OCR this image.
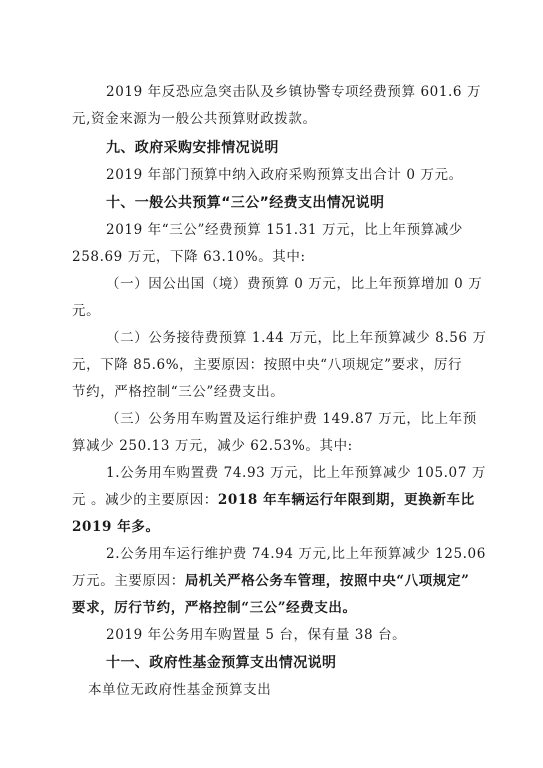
2019 年反恐应急突击队及乡镇协警专项经费预算 601.6 万
元,资金来源为一般公共预算财政拨款。
九、政府采购安排情况说明
2019 年部门预算中纳入政府采购预算支出合计 0 万元。
十、一般公共预算“三公”经费支出情况说明
2019 年“三公”经费预算 151.31 万元，比上年预算减少
258.69 万元，下降 63.10%。其中:
（一）因公出国（境）费预算 0 万元，比上年预算增加 0 万
元。
（二）公务接待费预算 1.44 万元，比上年预算减少 8.56 万
元，下降 85.6%，主要原因：按照中央“八项规定”要求，厉行
节约，严格控制“三公”经费支出。
（三）公务用车购置及运行维护费 149.87 万元，比上年预
算减少 250.13 万元，减少 62.53%。其中:
1.公务用车购置费 74.93 万元，比上年预算减少 105.07 万
元 。减少的主要原因：2018 年车辆运行年限到期，更换新车比
2019 年多。
2.公务用车运行维护费 74.94 万元,比上年预算减少 125.06
万元。主要原因：局机关严格公务车管理，按照中央“八项规定”
要求，厉行节约，严格控制“三公”经费支出。
2019 年公务用车购置量 5 台，保有量 38 台。
十一、政府性基金预算支出情况说明
本单位无政府性基金预算支出
